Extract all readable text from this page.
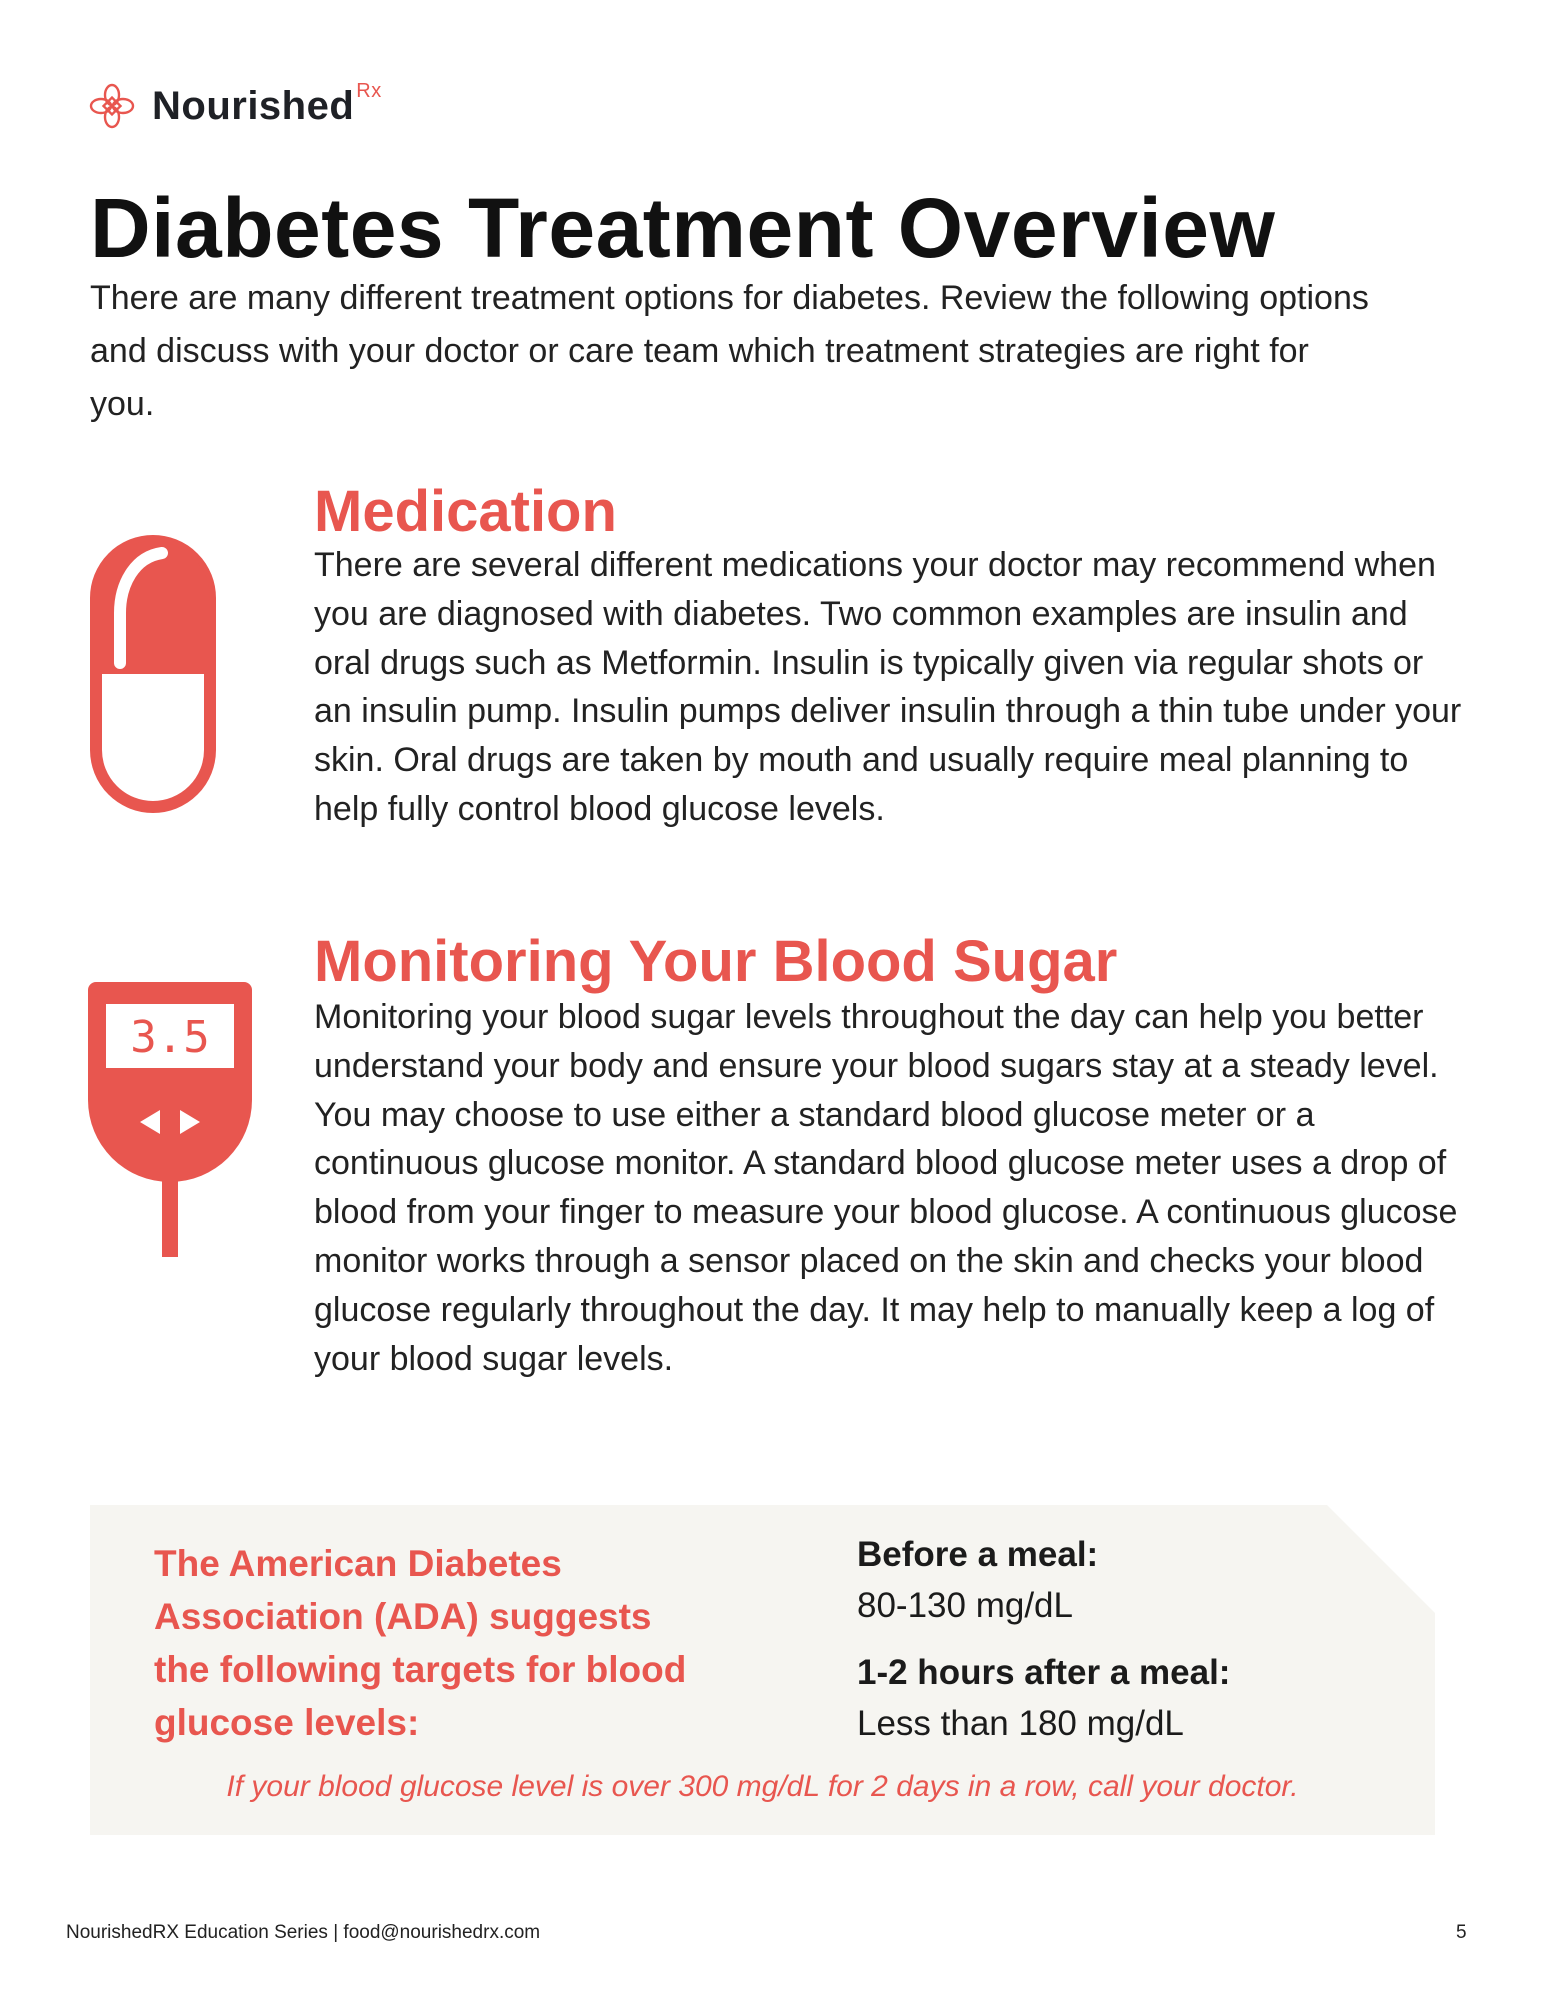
Nourished $^{Rx}$
Diabetes Treatment Overview

There are many different treatment options for diabetes. Review the following options and discuss with your doctor or care team which treatment strategies are right for you.

Medication

There are several different medications your doctor may recommend when you are diagnosed with diabetes. Two common examples are insulin and oral drugs such as Metformin. Insulin is typically given via regular shots or an insulin pump. Insulin pumps deliver insulin through a thin tube under your skin. Oral drugs are taken by mouth and usually require meal planning to help fully control blood glucose levels.

3.5
Monitoring Your Blood Sugar

Monitoring your blood sugar levels throughout the day can help you better understand your body and ensure your blood sugars stay at a steady level. You may choose to use either a standard blood glucose meter or a continuous glucose monitor. A standard blood glucose meter uses a drop of blood from your finger to measure your blood glucose. A continuous glucose monitor works through a sensor placed on the skin and checks your blood glucose regularly throughout the day. It may help to manually keep a log of your blood sugar levels.

The American Diabetes Association (ADA) suggests the following targets for blood glucose levels:
Before a meal:
80-130 mg/dL
1-2 hours after a meal:
Less than 180 mg/dL
If your blood glucose level is over 300 mg/dL for 2 days in a row, call your doctor.
NourishedRX Education Series | food@nourishedrx.com	5
